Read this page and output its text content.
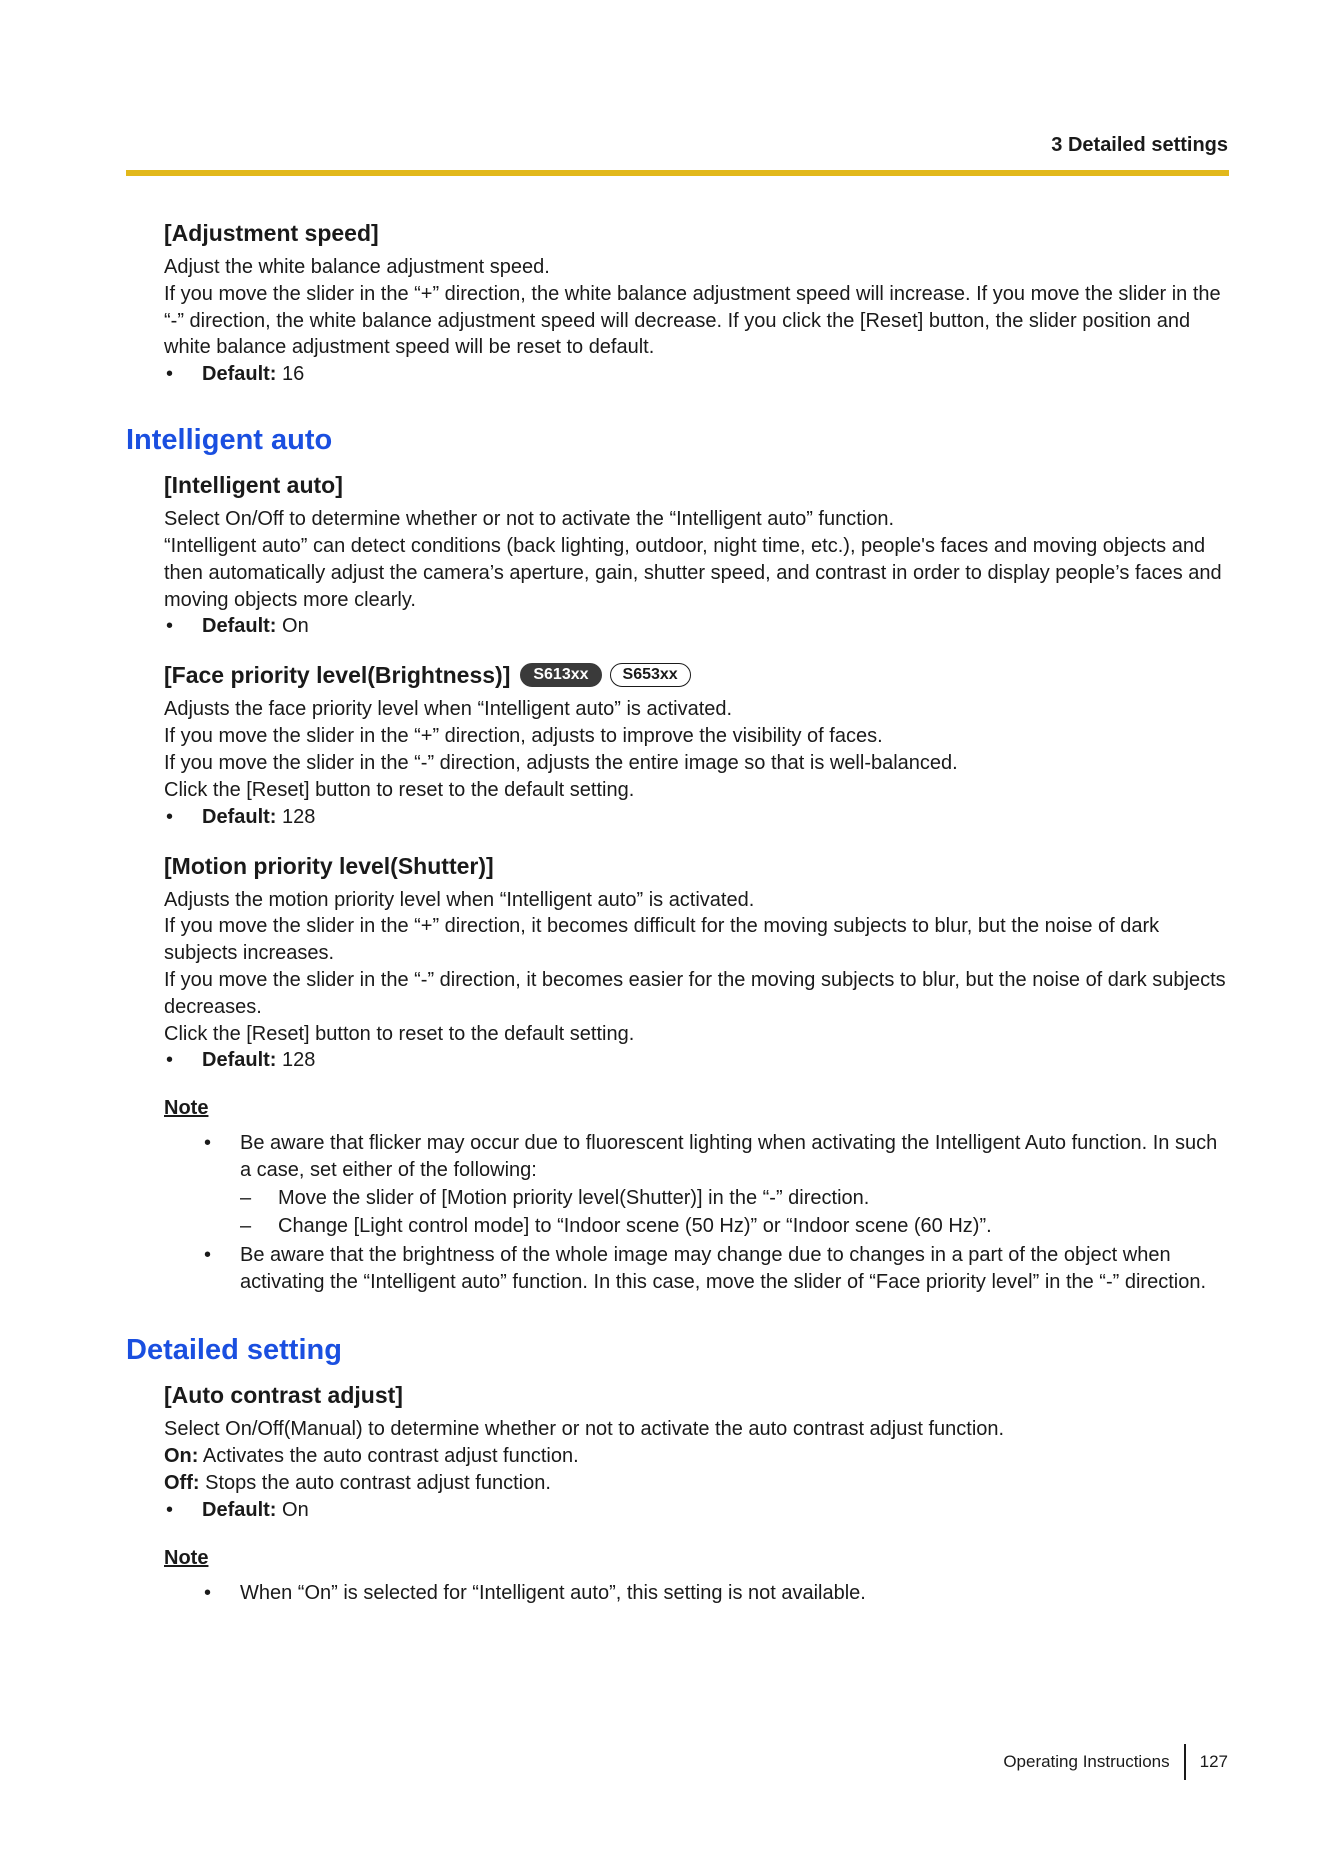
3 Detailed settings
[Adjustment speed]

Adjust the white balance adjustment speed.

If you move the slider in the “+” direction, the white balance adjustment speed will increase. If you move the slider in the “-” direction, the white balance adjustment speed will decrease. If you click the [Reset] button, the slider position and white balance adjustment speed will be reset to default.

• Default: 16
Intelligent auto
[Intelligent auto]

Select On/Off to determine whether or not to activate the “Intelligent auto” function.

“Intelligent auto” can detect conditions (back lighting, outdoor, night time, etc.), people's faces and moving objects and then automatically adjust the camera’s aperture, gain, shutter speed, and contrast in order to display people’s faces and moving objects more clearly.

• Default: On
[Face priority level(Brightness)]	S613xx	S653xx

Adjusts the face priority level when “Intelligent auto” is activated.

If you move the slider in the “+” direction, adjusts to improve the visibility of faces.

If you move the slider in the “-” direction, adjusts the entire image so that is well-balanced.

Click the [Reset] button to reset to the default setting.

• Default: 128
[Motion priority level(Shutter)]

Adjusts the motion priority level when “Intelligent auto” is activated.

If you move the slider in the “+” direction, it becomes difficult for the moving subjects to blur, but the noise of dark subjects increases.

If you move the slider in the “-” direction, it becomes easier for the moving subjects to blur, but the noise of dark subjects decreases.

Click the [Reset] button to reset to the default setting.

• Default: 128
Note
• Be aware that flicker may occur due to fluorescent lighting when activating the Intelligent Auto function. In such a case, set either of the following:
– Move the slider of [Motion priority level(Shutter)] in the “-” direction.
– Change [Light control mode] to “Indoor scene (50 Hz)” or “Indoor scene (60 Hz)”.
• Be aware that the brightness of the whole image may change due to changes in a part of the object when activating the “Intelligent auto” function. In this case, move the slider of “Face priority level” in the “-” direction.
Detailed setting
[Auto contrast adjust]

Select On/Off(Manual) to determine whether or not to activate the auto contrast adjust function.

On: Activates the auto contrast adjust function.

Off: Stops the auto contrast adjust function.

• Default: On
Note
• When “On” is selected for “Intelligent auto”, this setting is not available.
Operating Instructions 127
